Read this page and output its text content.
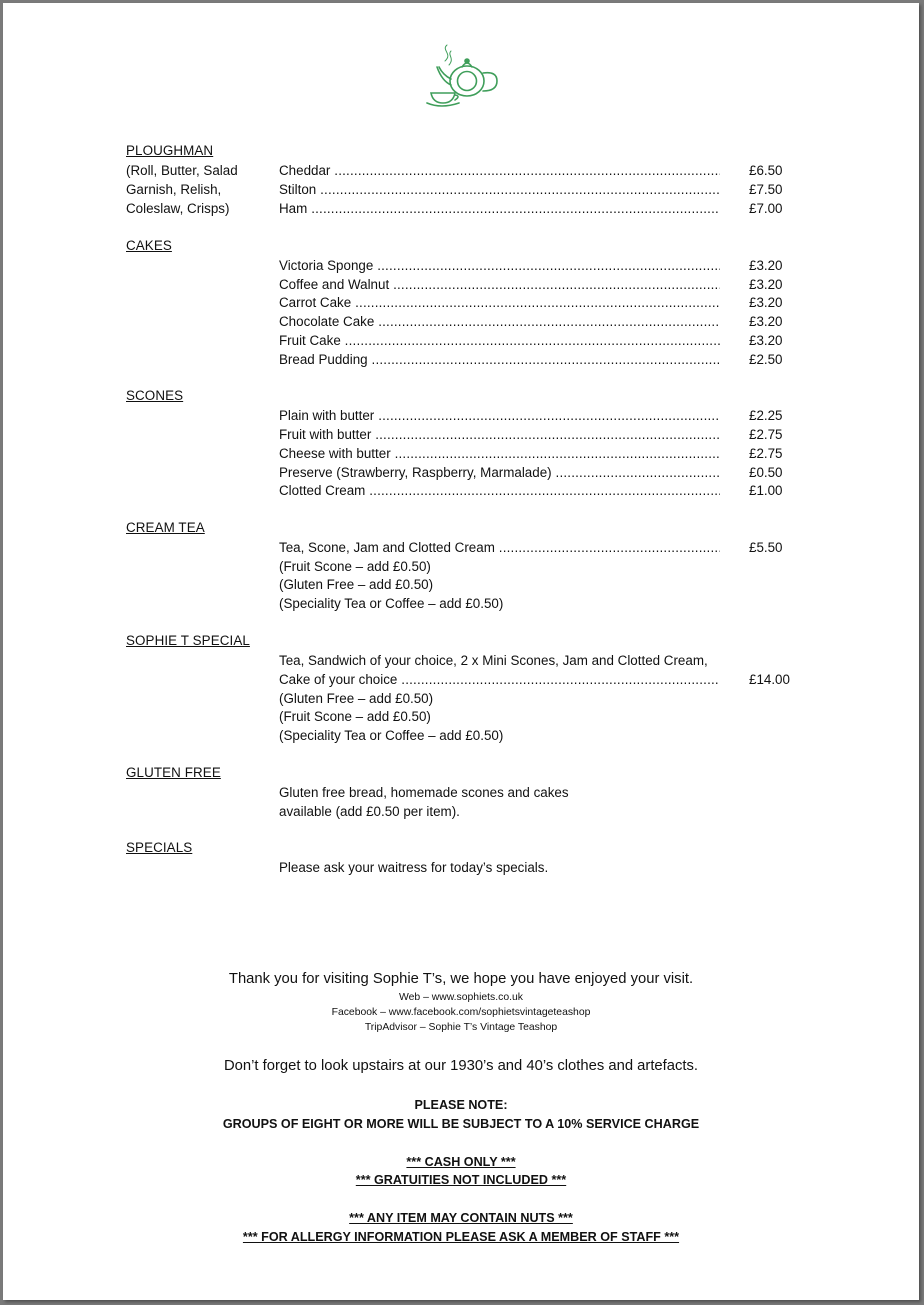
PLOUGHMAN
(Roll, Butter, Salad
Garnish, Relish,
Coleslaw, Crisps)
Cheddar .....	£6.50
Stilton .....	£7.50
Ham .....	£7.00
CAKES
Victoria Sponge .....	£3.20
Coffee and Walnut .....	£3.20
Carrot Cake .....	£3.20
Chocolate Cake .....	£3.20
Fruit Cake .....	£3.20
Bread Pudding .....	£2.50
SCONES
Plain with butter .....	£2.25
Fruit with butter .....	£2.75
Cheese with butter .....	£2.75
Preserve (Strawberry, Raspberry, Marmalade) .....	£0.50
Clotted Cream .....	£1.00
CREAM TEA
Tea, Scone, Jam and Clotted Cream .....	£5.50
(Fruit Scone – add £0.50)
(Gluten Free – add £0.50)
(Speciality Tea or Coffee – add £0.50)
SOPHIE T SPECIAL
Tea, Sandwich of your choice, 2 x Mini Scones, Jam and Clotted Cream,
Cake of your choice .....	£14.00
(Gluten Free – add £0.50)
(Fruit Scone – add £0.50)
(Speciality Tea or Coffee – add £0.50)
GLUTEN FREE
Gluten free bread, homemade scones and cakes
available (add £0.50 per item).
SPECIALS
Please ask your waitress for today’s specials.
Thank you for visiting Sophie T’s, we hope you have enjoyed your visit.
Web – www.sophiets.co.uk
Facebook – www.facebook.com/sophietsvintageteashop
TripAdvisor – Sophie T’s Vintage Teashop
Don’t forget to look upstairs at our 1930’s and 40’s clothes and artefacts.
PLEASE NOTE:
GROUPS OF EIGHT OR MORE WILL BE SUBJECT TO A 10% SERVICE CHARGE
*** CASH ONLY ***
*** GRATUITIES NOT INCLUDED ***
*** ANY ITEM MAY CONTAIN NUTS ***
*** FOR ALLERGY INFORMATION PLEASE ASK A MEMBER OF STAFF ***
